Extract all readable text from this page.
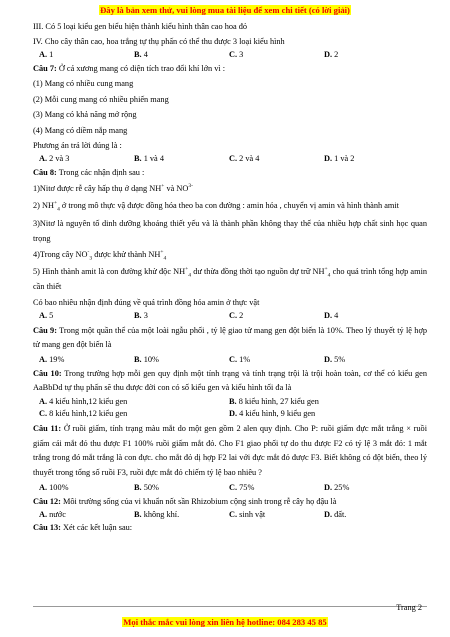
Đây là bản xem thử, vui lòng mua tài liệu để xem chi tiết (có lời giải)
III. Có 5 loại kiểu gen biểu hiện thành kiểu hình thân cao hoa đỏ
IV. Cho cây thân cao, hoa trắng tự thụ phấn có thể thu được 3 loại kiểu hình
A. 1	B. 4	C. 3	D. 2
Câu 7: Ở cá xương mang có diện tích trao đổi khí lớn vì :
(1) Mang có nhiều cung mang
(2) Mỗi cung mang có nhiều phiến mang
(3) Mang có khả năng mở rộng
(4) Mang có diềm nắp mang
Phương án trả lời đúng là :
A. 2 và 3	B. 1 và 4	C. 2 và 4	D. 1 và 2
Câu 8: Trong các nhận định sau :
1)Nitơ được rễ cây hấp thụ ở dạng NH+ và $NO^{3-}$
2) $NH^+_4$ ở trong mô thực vậ được đồng hóa theo ba con đường : amin hóa , chuyển vị amin và hình thành amit
3)Nitơ là nguyên tố dinh dưỡng khoáng thiết yếu và là thành phần không thay thế của nhiều hợp chất sinh học quan trọng
4)Trong cây $NO^-_3$ được khử thành $NH^+_4$
5) Hình thành amit là con đường khử độc $NH^+_4$ dư thừa đồng thời tạo nguồn dự trữ $NH^+_4$ cho quá trình tổng hợp amin cần thiết
Có bao nhiêu nhận định đúng về quá trình đồng hóa amin ở thực vật
A. 5	B. 3	C. 2	D. 4
Câu 9: Trong một quần thể của một loài ngẫu phối , tỷ lệ giao tử mang gen đột biến là 10%. Theo lý thuyết tỷ lệ hợp tử mang gen đột biến là
A. 19%	B. 10%	C. 1%	D. 5%
Câu 10: Trong trường hợp mỗi gen quy định một tính trạng và tính trạng trội là trội hoàn toàn, cơ thể có kiểu gen AaBbDd tự thụ phấn sẽ thu được đời con có số kiểu gen và kiểu hình tối đa là
A. 4 kiểu hình,12 kiểu gen	B. 8 kiểu hình, 27 kiểu gen
C. 8 kiểu hình,12 kiểu gen	D. 4 kiểu hình, 9 kiểu gen
Câu 11: Ở ruồi giấm, tính trạng màu mắt do một gen gồm 2 alen quy định. Cho P: ruồi giấm đực mắt trắng × ruồi giấm cái mắt đỏ thu được F1 100% ruồi giấm mắt đỏ. Cho F1 giao phối tự do thu được F2 có tỷ lệ 3 mắt đỏ: 1 mắt trắng trong đó mắt trắng là con đực. cho mắt đỏ dị hợp F2 lai với đực mắt đỏ được F3. Biết không có đột biến, theo lý thuyết trong tổng số ruồi F3, ruồi đực mắt đỏ chiếm tỷ lệ bao nhiêu ?
A. 100%	B. 50%	C. 75%	D. 25%
Câu 12: Môi trường sống của vi khuẩn nốt sần Rhizobium cộng sinh trong rễ cây họ đậu là
A. nước	B. không khí.	C. sinh vật	D. đất.
Câu 13: Xét các kết luận sau:
Trang 2
Mọi thắc mắc vui lòng xin liên hệ hotline: 084 283 45 85
